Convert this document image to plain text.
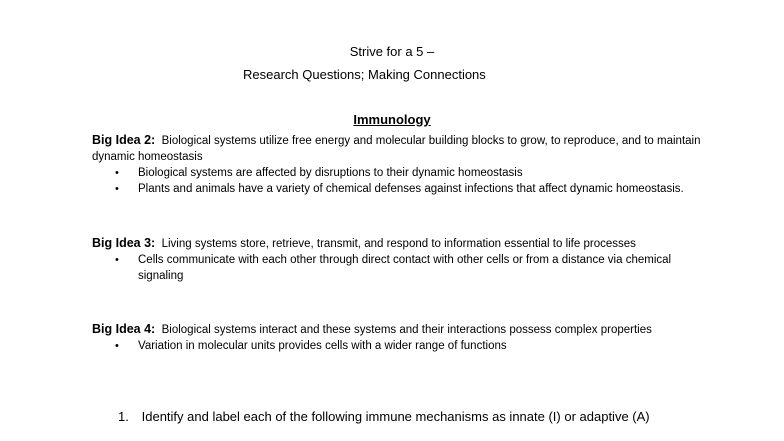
Strive for a 5 –
Research Questions; Making Connections
Immunology
Big Idea 2: Biological systems utilize free energy and molecular building blocks to grow, to reproduce, and to maintain dynamic homeostasis
• Biological systems are affected by disruptions to their dynamic homeostasis
• Plants and animals have a variety of chemical defenses against infections that affect dynamic homeostasis.
Big Idea 3: Living systems store, retrieve, transmit, and respond to information essential to life processes
• Cells communicate with each other through direct contact with other cells or from a distance via chemical signaling
Big Idea 4: Biological systems interact and these systems and their interactions possess complex properties
• Variation in molecular units provides cells with a wider range of functions
1. Identify and label each of the following immune mechanisms as innate (I) or adaptive (A)
